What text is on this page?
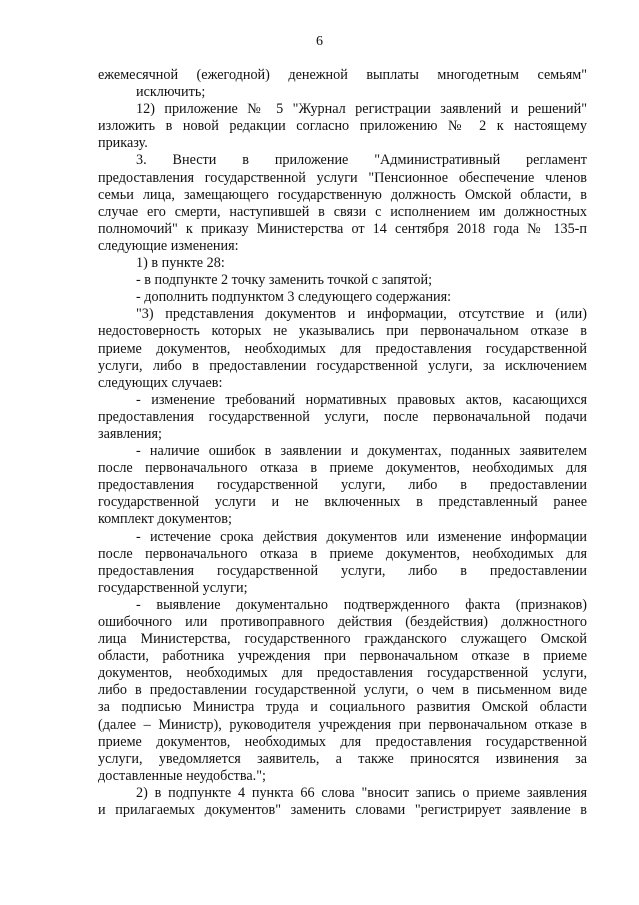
6

ежемесячной (ежегодной) денежной выплаты многодетным семьям"

исключить;

12) приложение № 5 "Журнал регистрации заявлений и решений"

изложить в новой редакции согласно приложению № 2 к настоящему

приказу.

3. Внести в приложение "Административный регламент

предоставления государственной услуги "Пенсионное обеспечение членов

семьи лица, замещающего государственную должность Омской области, в

случае его смерти, наступившей в связи с исполнением им должностных

полномочий" к приказу Министерства от 14 сентября 2018 года № 135-п

следующие изменения:

1) в пункте 28:

- в подпункте 2 точку заменить точкой с запятой;

- дополнить подпунктом 3 следующего содержания:

"3) представления документов и информации, отсутствие и (или)

недостоверность которых не указывались при первоначальном отказе в

приеме документов, необходимых для предоставления государственной

услуги, либо в предоставлении государственной услуги, за исключением

следующих случаев:

- изменение требований нормативных правовых актов, касающихся

предоставления государственной услуги, после первоначальной подачи

заявления;

- наличие ошибок в заявлении и документах, поданных заявителем

после первоначального отказа в приеме документов, необходимых для

предоставления государственной услуги, либо в предоставлении

государственной услуги и не включенных в представленный ранее

комплект документов;

- истечение срока действия документов или изменение информации

после первоначального отказа в приеме документов, необходимых для

предоставления государственной услуги, либо в предоставлении

государственной услуги;

- выявление документально подтвержденного факта (признаков)

ошибочного или противоправного действия (бездействия) должностного

лица Министерства, государственного гражданского служащего Омской

области, работника учреждения при первоначальном отказе в приеме

документов, необходимых для предоставления государственной услуги,

либо в предоставлении государственной услуги, о чем в письменном виде

за подписью Министра труда и социального развития Омской области

(далее – Министр), руководителя учреждения при первоначальном отказе в

приеме документов, необходимых для предоставления государственной

услуги, уведомляется заявитель, а также приносятся извинения за

доставленные неудобства.";

2) в подпункте 4 пункта 66 слова "вносит запись о приеме заявления

и прилагаемых документов" заменить словами "регистрирует заявление в
